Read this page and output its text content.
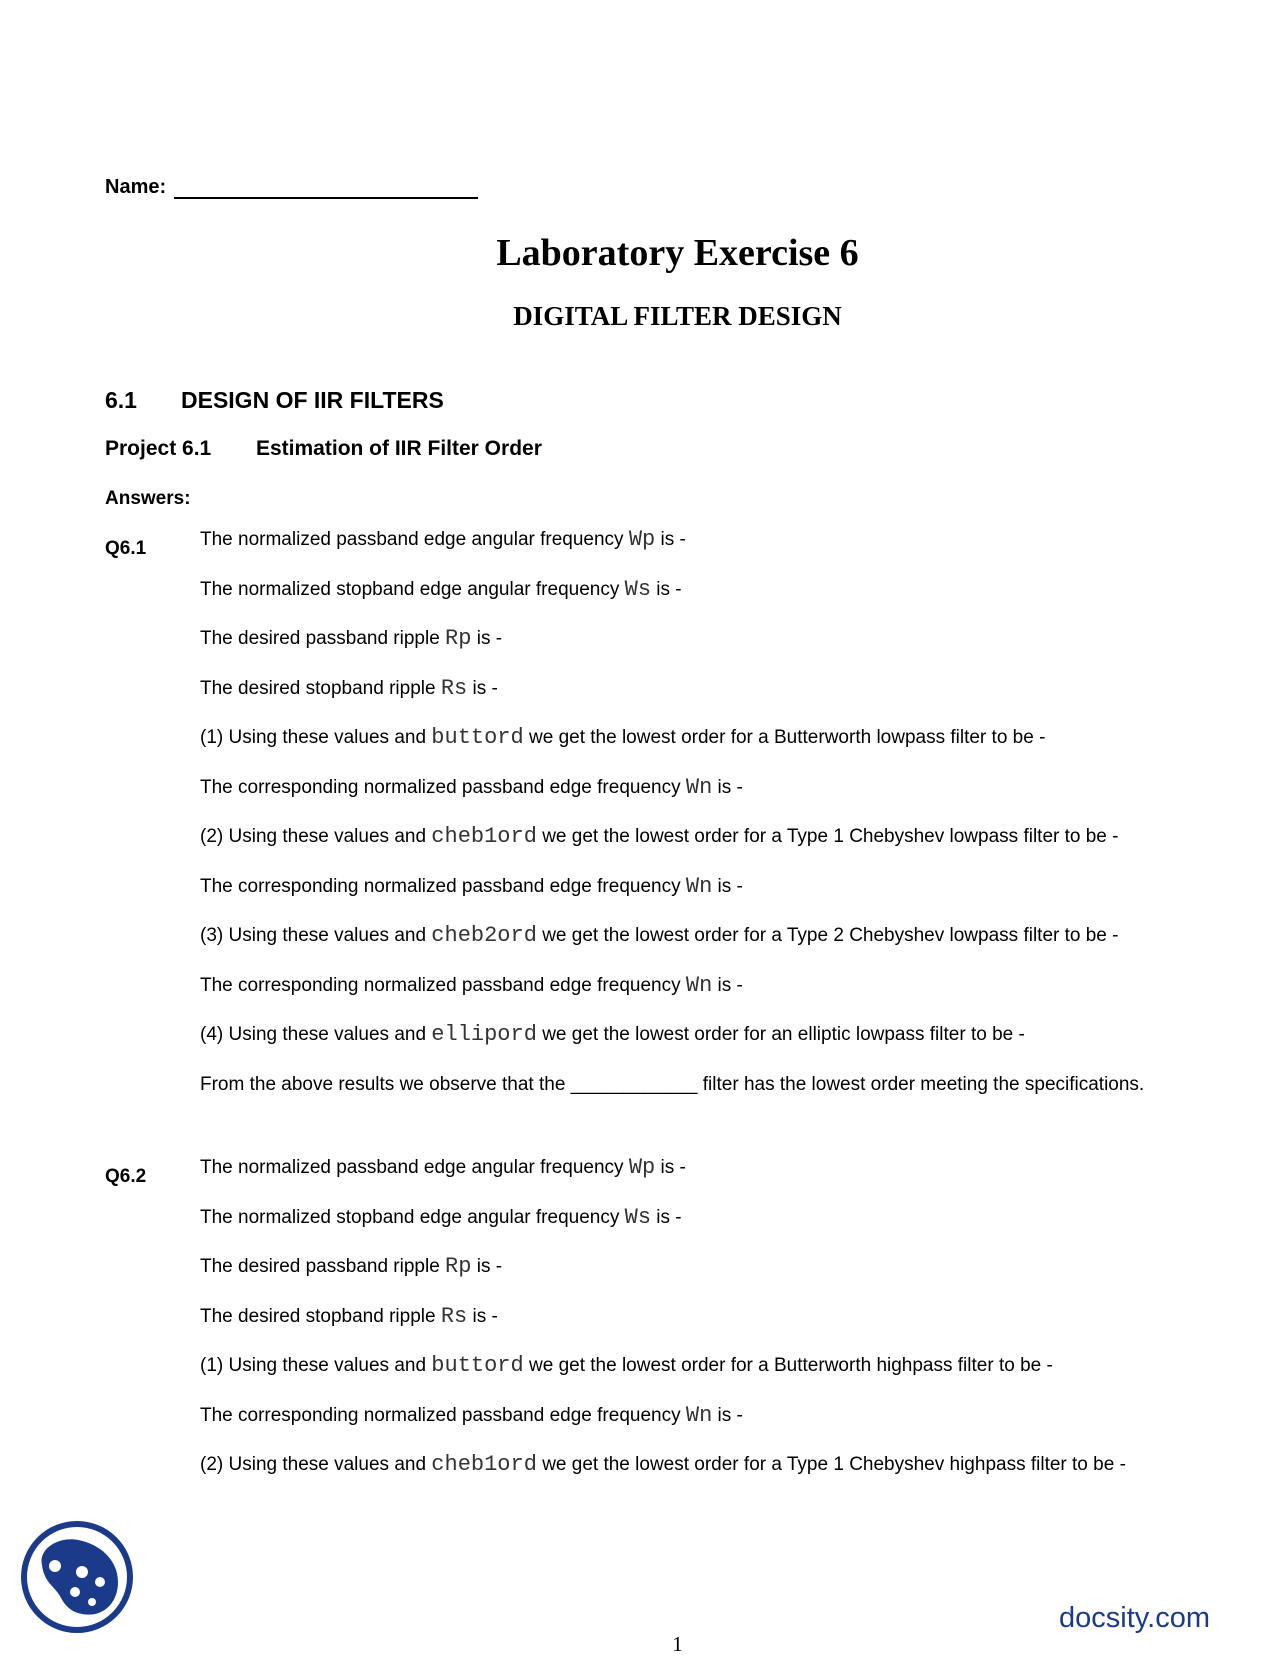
Name:
Laboratory Exercise 6
DIGITAL FILTER DESIGN
6.1 DESIGN OF IIR FILTERS
Project 6.1 Estimation of IIR Filter Order
Answers:
Q6.1	The normalized passband edge angular frequency Wp is -
The normalized stopband edge angular frequency Ws is -
The desired passband ripple Rp is -
The desired stopband ripple Rs is -
(1) Using these values and buttord we get the lowest order for a Butterworth lowpass filter to be -
The corresponding normalized passband edge frequency Wn is -
(2) Using these values and cheb1ord we get the lowest order for a Type 1 Chebyshev lowpass filter to be -
The corresponding normalized passband edge frequency Wn is -
(3) Using these values and cheb2ord we get the lowest order for a Type 2 Chebyshev lowpass filter to be -
The corresponding normalized passband edge frequency Wn is -
(4) Using these values and ellipord we get the lowest order for an elliptic lowpass filter to be -
From the above results we observe that the ____________ filter has the lowest order meeting the specifications.
Q6.2	The normalized passband edge angular frequency Wp is -
The normalized stopband edge angular frequency Ws is -
The desired passband ripple Rp is -
The desired stopband ripple Rs is -
(1) Using these values and buttord we get the lowest order for a Butterworth highpass filter to be -
The corresponding normalized passband edge frequency Wn is -
(2) Using these values and cheb1ord we get the lowest order for a Type 1 Chebyshev highpass filter to be -
docsity.com
1
